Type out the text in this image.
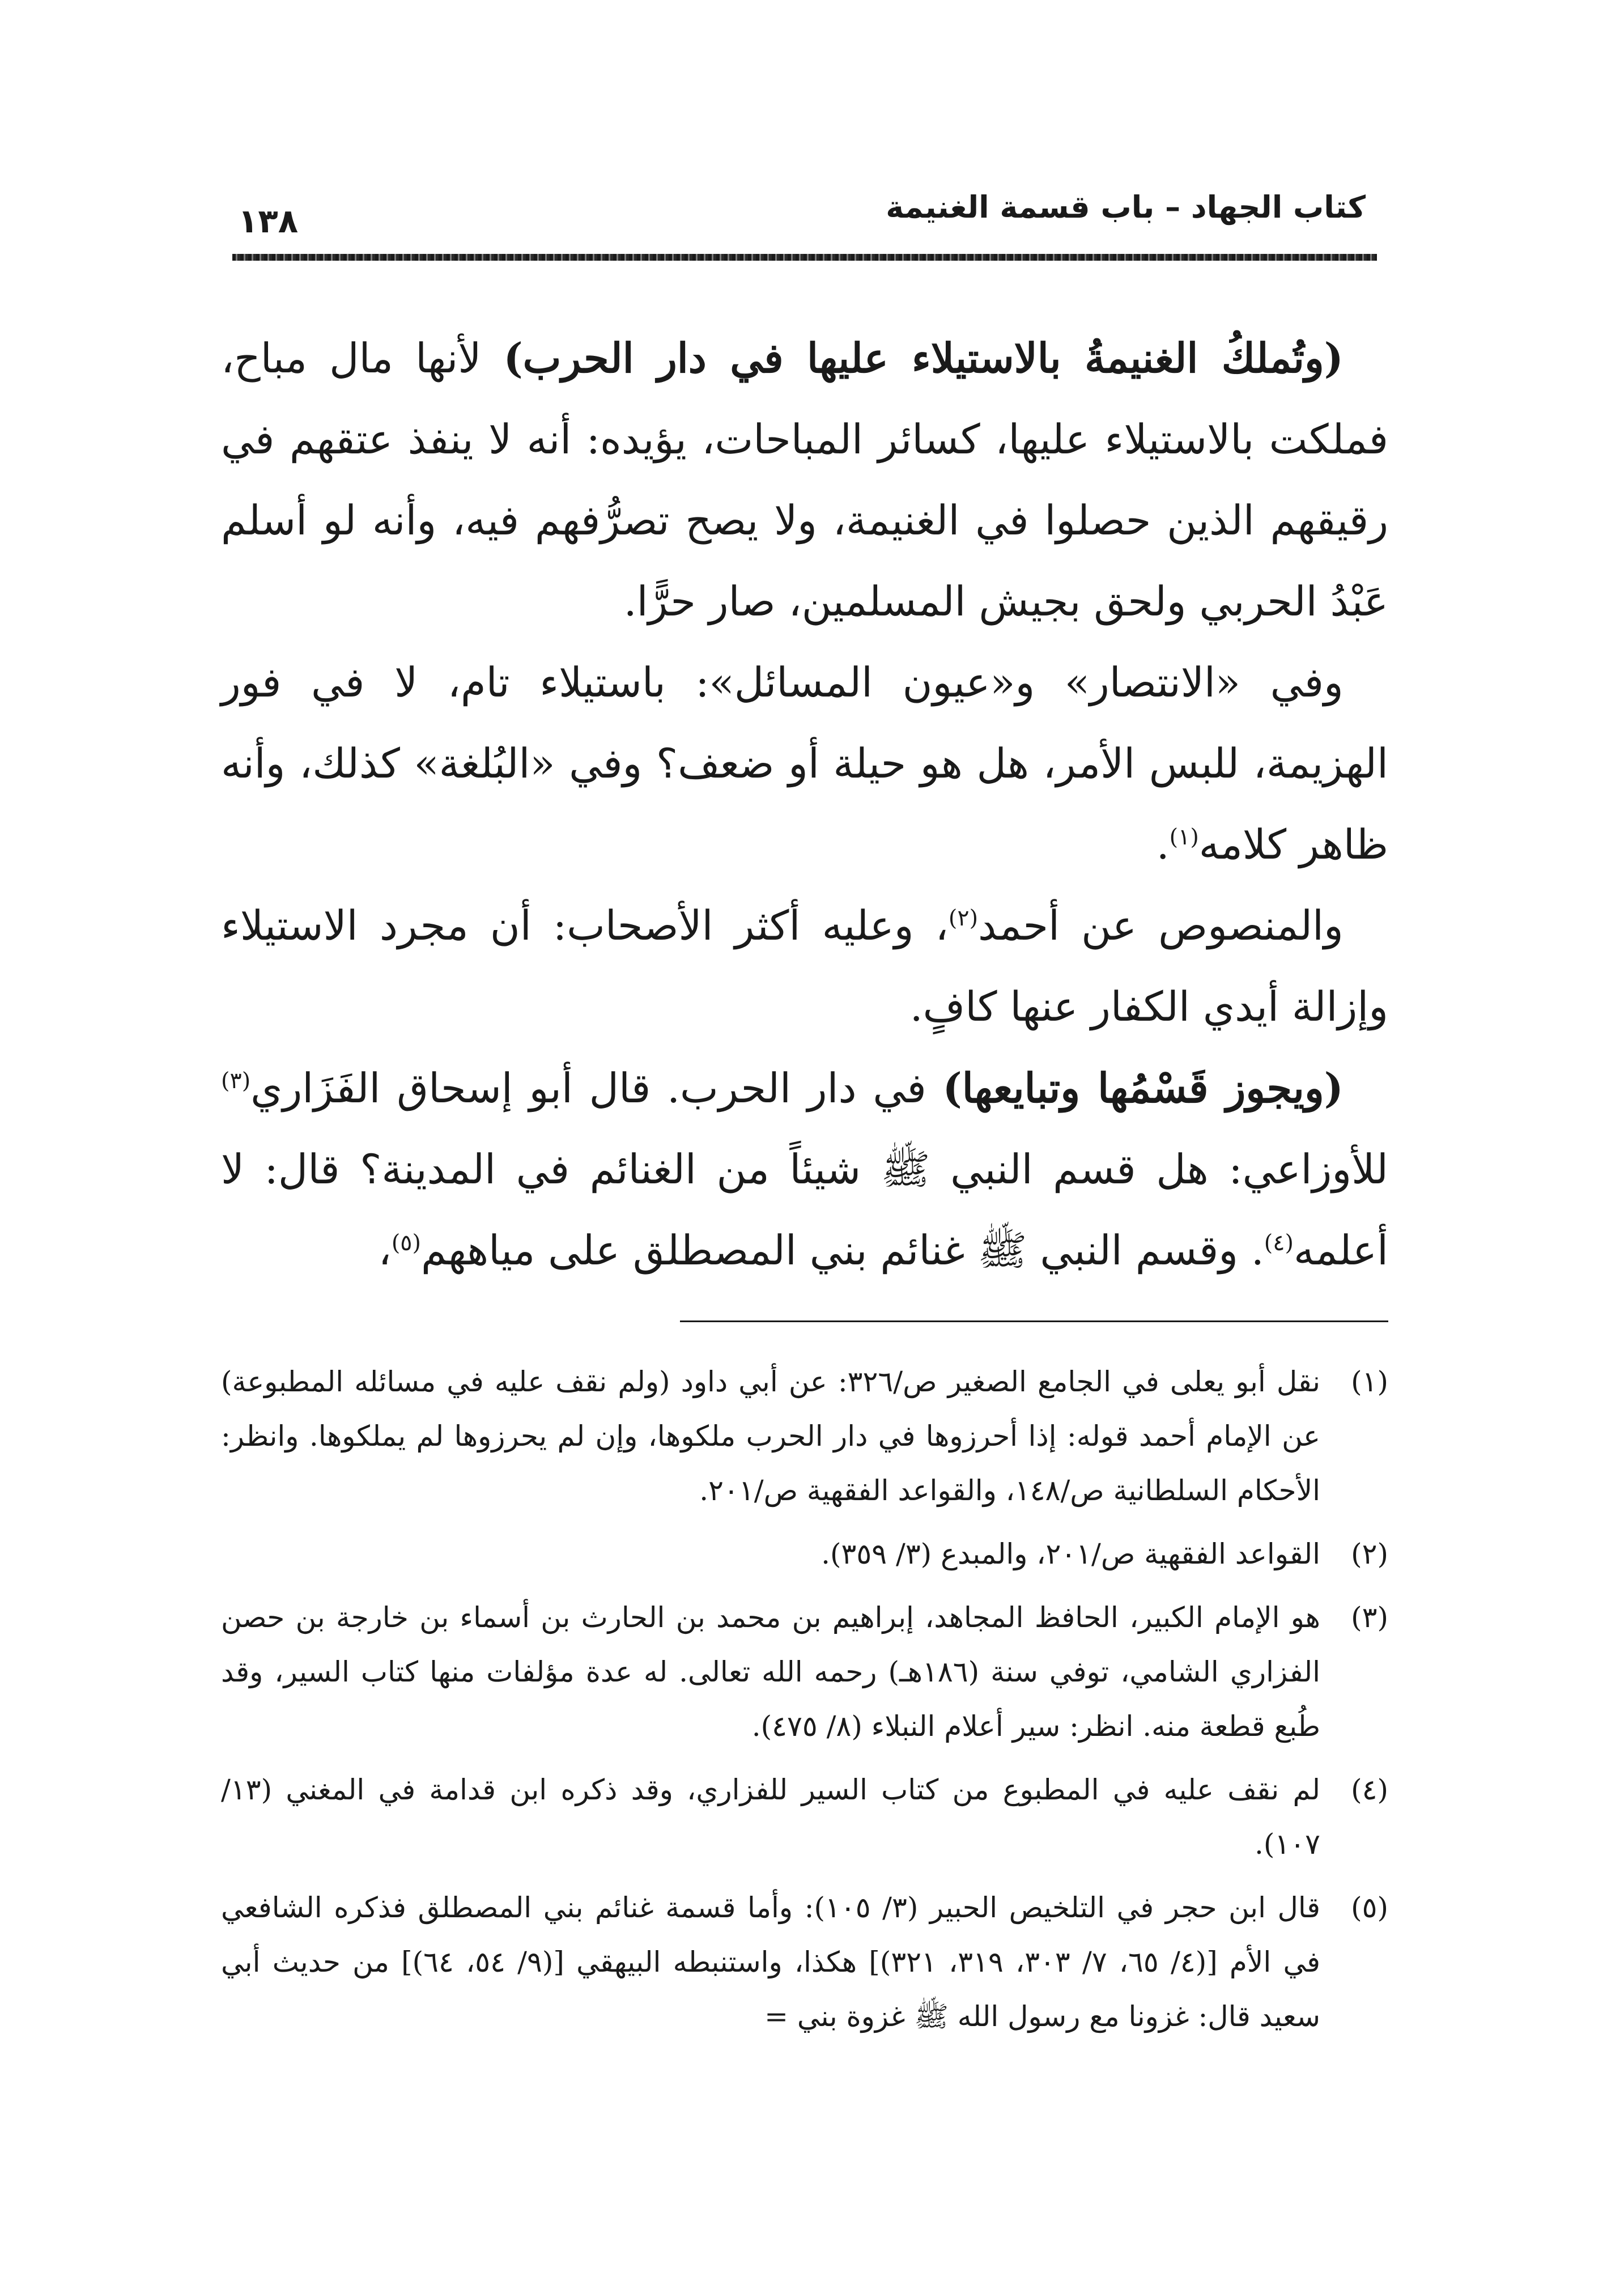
كتاب الجهاد – باب قسمة الغنيمة
١٣٨

(وتُملكُ الغنيمةُ بالاستيلاء عليها في دار الحرب) لأنها مال مباح، فملكت بالاستيلاء عليها، كسائر المباحات، يؤيده: أنه لا ينفذ عتقهم في رقيقهم الذين حصلوا في الغنيمة، ولا يصح تصرُّفهم فيه، وأنه لو أسلم عَبْدُ الحربي ولحق بجيش المسلمين، صار حرًّا.

وفي «الانتصار» و«عيون المسائل»: باستيلاء تام، لا في فور الهزيمة، للبس الأمر، هل هو حيلة أو ضعف؟ وفي «البُلغة» كذلك، وأنه ظاهر كلامه$^{(١)}$.

والمنصوص عن أحمد$^{(٢)}$، وعليه أكثر الأصحاب: أن مجرد الاستيلاء وإزالة أيدي الكفار عنها كافٍ.

(ويجوز قَسْمُها وتبايعها) في دار الحرب. قال أبو إسحاق الفَزَاري$^{(٣)}$ للأوزاعي: هل قسم النبي ﷺ شيئاً من الغنائم في المدينة؟ قال: لا أعلمه$^{(٤)}$. وقسم النبي ﷺ غنائم بني المصطلق على مياههم$^{(٥)}$،

(١)
نقل أبو يعلى في الجامع الصغير ص/٣٢٦: عن أبي داود (ولم نقف عليه في مسائله المطبوعة) عن الإمام أحمد قوله: إذا أحرزوها في دار الحرب ملكوها، وإن لم يحرزوها لم يملكوها. وانظر: الأحكام السلطانية ص/١٤٨، والقواعد الفقهية ص/٢٠١.
(٢)
القواعد الفقهية ص/٢٠١، والمبدع (٣/ ٣٥٩).
(٣)
هو الإمام الكبير، الحافظ المجاهد، إبراهيم بن محمد بن الحارث بن أسماء بن خارجة بن حصن الفزاري الشامي، توفي سنة (١٨٦هـ) رحمه الله تعالى. له عدة مؤلفات منها كتاب السير، وقد طُبع قطعة منه. انظر: سير أعلام النبلاء (٨/ ٤٧٥).
(٤)
لم نقف عليه في المطبوع من كتاب السير للفزاري، وقد ذكره ابن قدامة في المغني (١٣/ ١٠٧).
(٥)
قال ابن حجر في التلخيص الحبير (٣/ ١٠٥): وأما قسمة غنائم بني المصطلق فذكره الشافعي في الأم [(٤/ ٦٥، ٧/ ٣٠٣، ٣١٩، ٣٢١)] هكذا، واستنبطه البيهقي [(٩/ ٥٤، ٦٤)] من حديث أبي سعيد قال: غزونا مع رسول الله ﷺ غزوة بني =
